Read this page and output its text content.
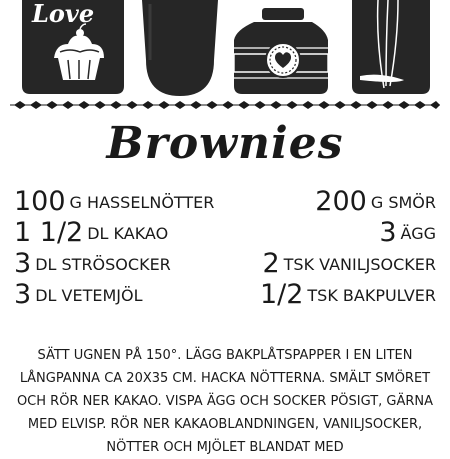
Love
Brownies
100 G HASSELNÖTTER	200 G SMÖR
1 1/2 DL KAKAO	3 ÄGG
3 DL STRÖSOCKER	2 TSK VANILJSOCKER
3 DL VETEMJÖL	1/2 TSK BAKPULVER
SÄTT UGNEN PÅ 150°. LÄGG BAKPLÅTSPAPPER I EN LITEN LÅNGPANNA CA 20X35 CM. HACKA NÖTTERNA. SMÄLT SMÖRET OCH RÖR NER KAKAO. VISPA ÄGG OCH SOCKER PÖSIGT, GÄRNA MED ELVISP. RÖR NER KAKAOBLANDNINGEN, VANILJSOCKER, NÖTTER OCH MJÖLET BLANDAT MED
